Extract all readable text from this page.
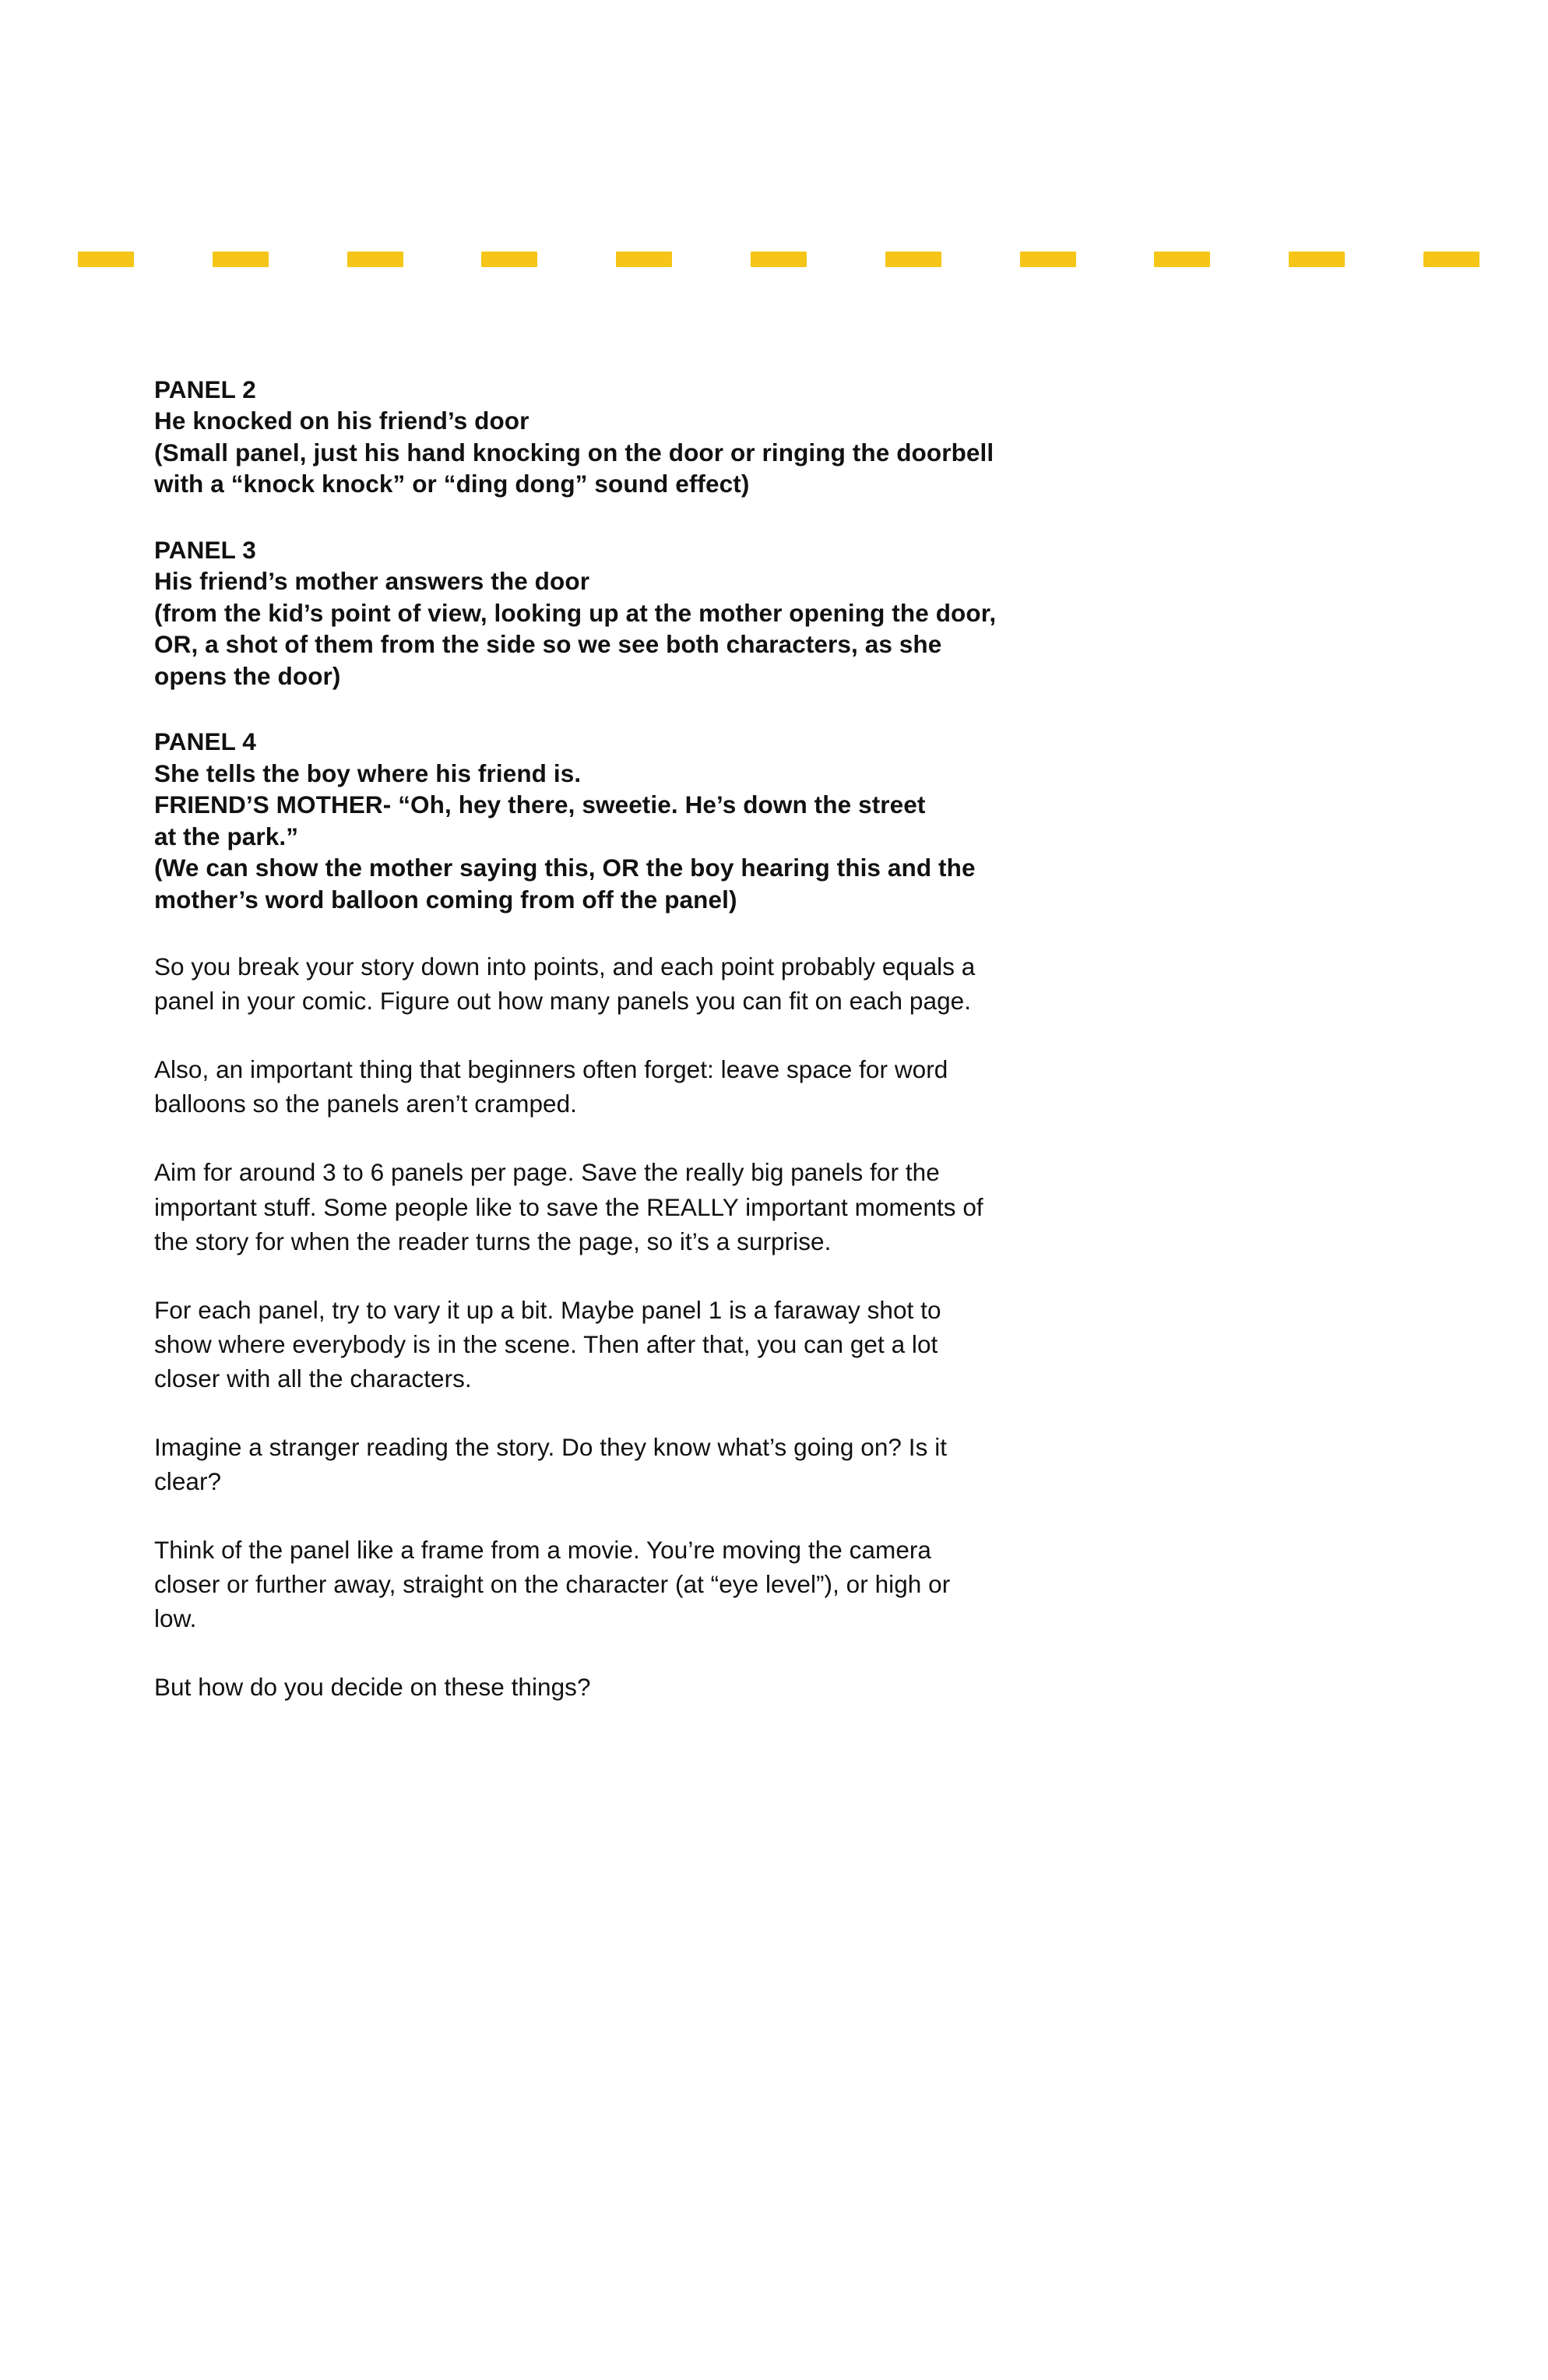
PANEL 2
He knocked on his friend’s door
(Small panel, just his hand knocking on the door or ringing the doorbell
with a “knock knock” or “ding dong” sound effect)
PANEL 3
His friend’s mother answers the door
(from the kid’s point of view, looking up at the mother opening the door,
OR, a shot of them from the side so we see both characters, as she
opens the door)
PANEL 4
She tells the boy where his friend is.
FRIEND’S MOTHER- “Oh, hey there, sweetie. He’s down the street
at the park.”
(We can show the mother saying this, OR the boy hearing this and the
mother’s word balloon coming from off the panel)
So you break your story down into points, and each point probably equals a
panel in your comic. Figure out how many panels you can fit on each page.
Also, an important thing that beginners often forget: leave space for word
balloons so the panels aren’t cramped.
Aim for around 3 to 6 panels per page. Save the really big panels for the
important stuff. Some people like to save the REALLY important moments of
the story for when the reader turns the page, so it’s a surprise.
For each panel, try to vary it up a bit. Maybe panel 1 is a faraway shot to
show where everybody is in the scene. Then after that, you can get a lot
closer with all the characters.
Imagine a stranger reading the story. Do they know what’s going on? Is it
clear?
Think of the panel like a frame from a movie. You’re moving the camera
closer or further away, straight on the character (at “eye level”), or high or
low.
But how do you decide on these things?
